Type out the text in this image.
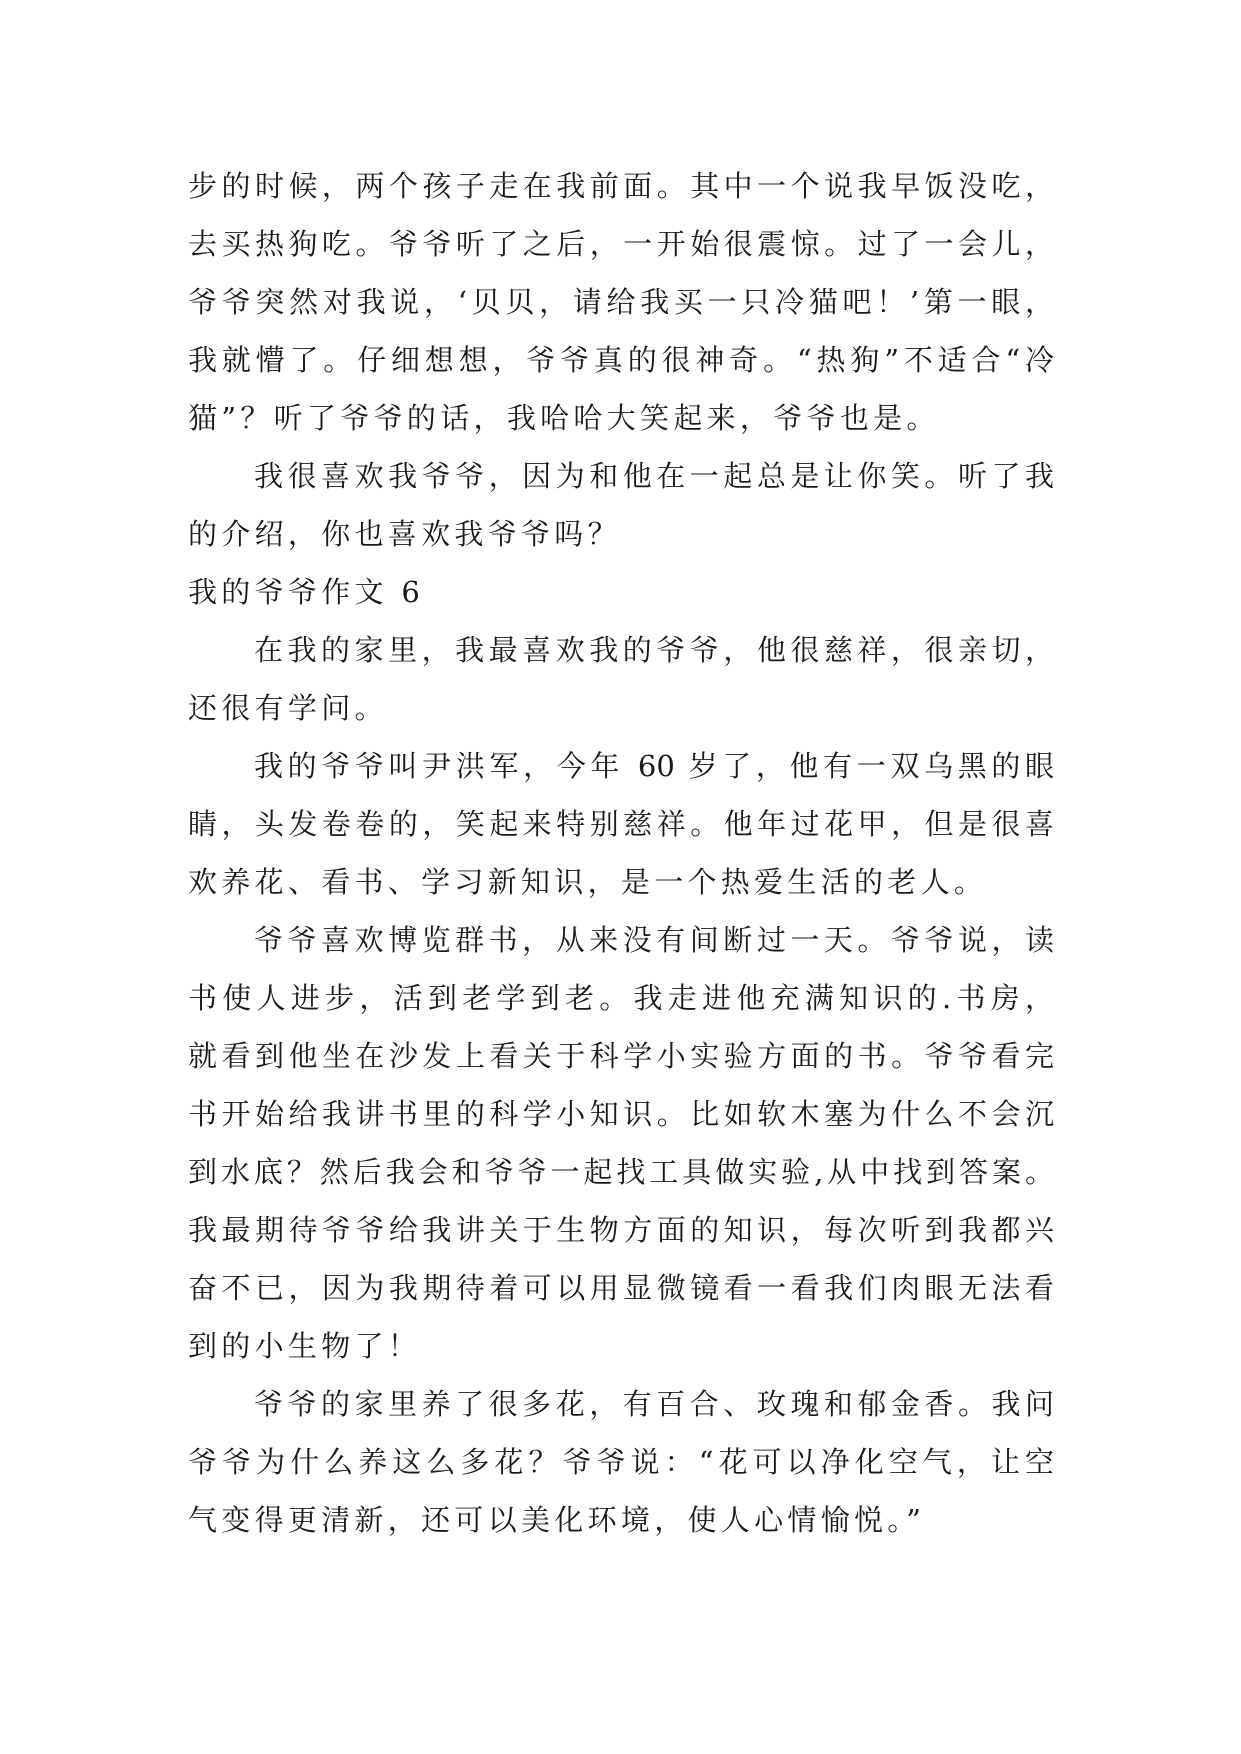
步的时候，两个孩子走在我前面。其中一个说我早饭没吃，
去买热狗吃。爷爷听了之后，一开始很震惊。过了一会儿，
爷爷突然对我说，‘贝贝，请给我买一只冷猫吧！’第一眼，
我就懵了。仔细想想，爷爷真的很神奇。“热狗”不适合“冷
猫”？听了爷爷的话，我哈哈大笑起来，爷爷也是。
我很喜欢我爷爷，因为和他在一起总是让你笑。听了我
的介绍，你也喜欢我爷爷吗？
我的爷爷作文 6
在我的家里，我最喜欢我的爷爷，他很慈祥，很亲切，
还很有学问。
我的爷爷叫尹洪军，今年 60 岁了，他有一双乌黑的眼
睛，头发卷卷的，笑起来特别慈祥。他年过花甲，但是很喜
欢养花、看书、学习新知识，是一个热爱生活的老人。
爷爷喜欢博览群书，从来没有间断过一天。爷爷说，读
书使人进步，活到老学到老。我走进他充满知识的.书房，
就看到他坐在沙发上看关于科学小实验方面的书。爷爷看完
书开始给我讲书里的科学小知识。比如软木塞为什么不会沉
到水底？然后我会和爷爷一起找工具做实验,从中找到答案。
我最期待爷爷给我讲关于生物方面的知识，每次听到我都兴
奋不已，因为我期待着可以用显微镜看一看我们肉眼无法看
到的小生物了！
爷爷的家里养了很多花，有百合、玫瑰和郁金香。我问
爷爷为什么养这么多花？爷爷说：“花可以净化空气，让空
气变得更清新，还可以美化环境，使人心情愉悦。”
